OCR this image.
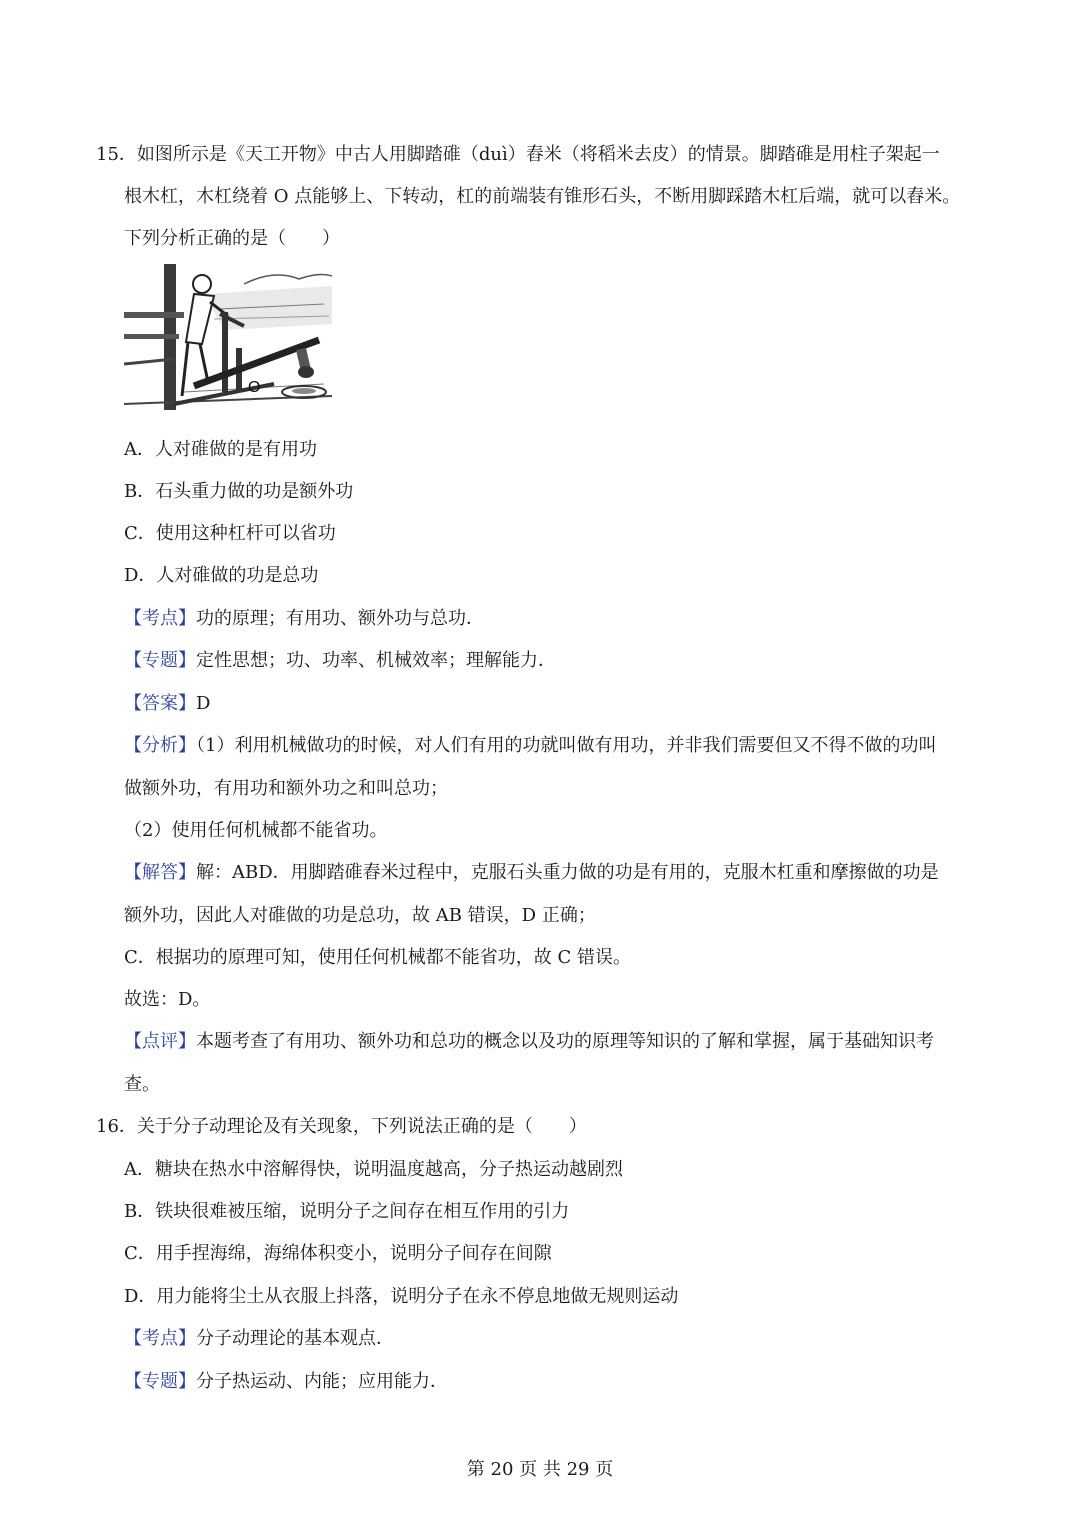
15．如图所示是《天工开物》中古人用脚踏碓（duì）舂米（将稻米去皮）的情景。脚踏碓是用柱子架起一
根木杠，木杠绕着 O 点能够上、下转动，杠的前端装有锥形石头，不断用脚踩踏木杠后端，就可以舂米。
下列分析正确的是（　　）
O
A．人对碓做的是有用功
B．石头重力做的功是额外功
C．使用这种杠杆可以省功
D．人对碓做的功是总功
【考点】功的原理；有用功、额外功与总功．
【专题】定性思想；功、功率、机械效率；理解能力．
【答案】D
【分析】（1）利用机械做功的时候，对人们有用的功就叫做有用功，并非我们需要但又不得不做的功叫
做额外功，有用功和额外功之和叫总功；
（2）使用任何机械都不能省功。
【解答】解：ABD．用脚踏碓舂米过程中，克服石头重力做的功是有用的，克服木杠重和摩擦做的功是
额外功，因此人对碓做的功是总功，故 AB 错误，D 正确；
C．根据功的原理可知，使用任何机械都不能省功，故 C 错误。
故选：D。
【点评】本题考查了有用功、额外功和总功的概念以及功的原理等知识的了解和掌握，属于基础知识考
查。
16．关于分子动理论及有关现象，下列说法正确的是（　　）
A．糖块在热水中溶解得快，说明温度越高，分子热运动越剧烈
B．铁块很难被压缩，说明分子之间存在相互作用的引力
C．用手捏海绵，海绵体积变小，说明分子间存在间隙
D．用力能将尘土从衣服上抖落，说明分子在永不停息地做无规则运动
【考点】分子动理论的基本观点．
【专题】分子热运动、内能；应用能力．
第 20 页 共 29 页
